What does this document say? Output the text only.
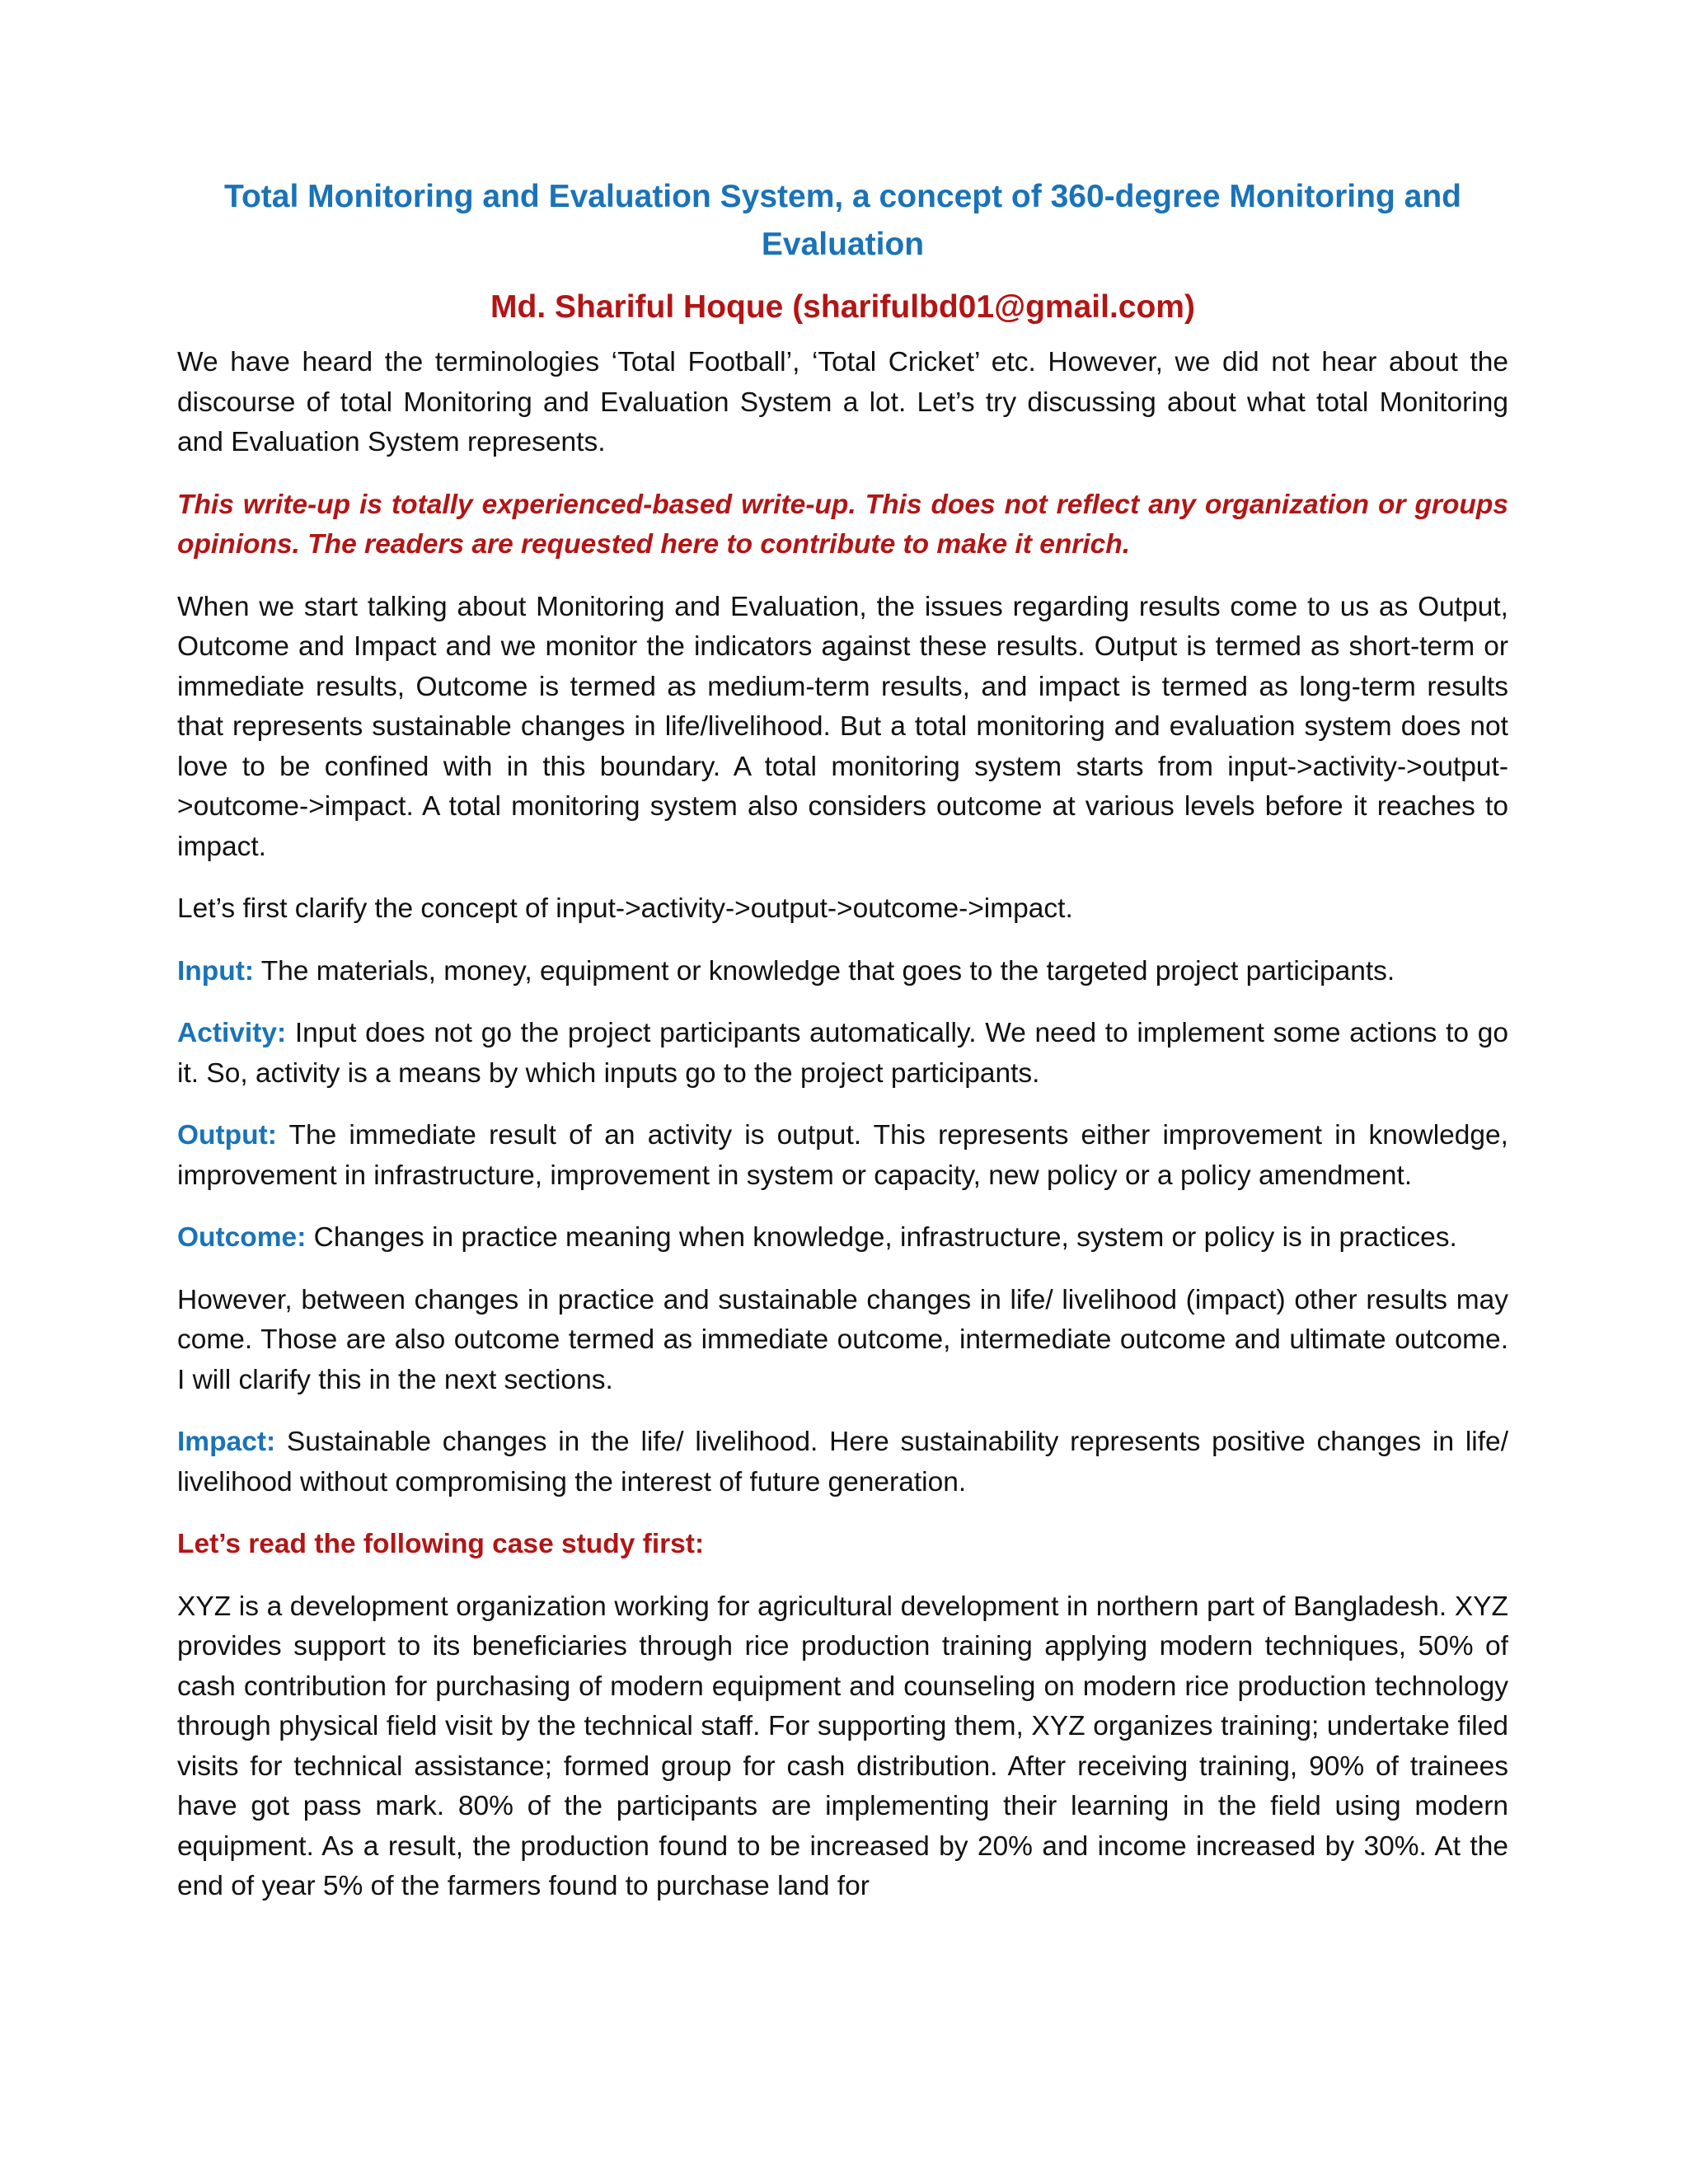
Total Monitoring and Evaluation System, a concept of 360-degree Monitoring and Evaluation
Md. Shariful Hoque (sharifulbd01@gmail.com)

We have heard the terminologies ‘Total Football’, ‘Total Cricket’ etc. However, we did not hear about the discourse of total Monitoring and Evaluation System a lot. Let’s try discussing about what total Monitoring and Evaluation System represents.

This write-up is totally experienced-based write-up. This does not reflect any organization or groups opinions. The readers are requested here to contribute to make it enrich.

When we start talking about Monitoring and Evaluation, the issues regarding results come to us as Output, Outcome and Impact and we monitor the indicators against these results. Output is termed as short-term or immediate results, Outcome is termed as medium-term results, and impact is termed as long-term results that represents sustainable changes in life/livelihood. But a total monitoring and evaluation system does not love to be confined with in this boundary. A total monitoring system starts from input->activity->output->outcome->impact. A total monitoring system also considers outcome at various levels before it reaches to impact.

Let’s first clarify the concept of input->activity->output->outcome->impact.

Input: The materials, money, equipment or knowledge that goes to the targeted project participants.

Activity: Input does not go the project participants automatically. We need to implement some actions to go it. So, activity is a means by which inputs go to the project participants.

Output: The immediate result of an activity is output. This represents either improvement in knowledge, improvement in infrastructure, improvement in system or capacity, new policy or a policy amendment.

Outcome: Changes in practice meaning when knowledge, infrastructure, system or policy is in practices.

However, between changes in practice and sustainable changes in life/ livelihood (impact) other results may come. Those are also outcome termed as immediate outcome, intermediate outcome and ultimate outcome. I will clarify this in the next sections.

Impact: Sustainable changes in the life/ livelihood. Here sustainability represents positive changes in life/ livelihood without compromising the interest of future generation.

Let’s read the following case study first:

XYZ is a development organization working for agricultural development in northern part of Bangladesh. XYZ provides support to its beneficiaries through rice production training applying modern techniques, 50% of cash contribution for purchasing of modern equipment and counseling on modern rice production technology through physical field visit by the technical staff. For supporting them, XYZ organizes training; undertake filed visits for technical assistance; formed group for cash distribution. After receiving training, 90% of trainees have got pass mark. 80% of the participants are implementing their learning in the field using modern equipment. As a result, the production found to be increased by 20% and income increased by 30%. At the end of year 5% of the farmers found to purchase land for
